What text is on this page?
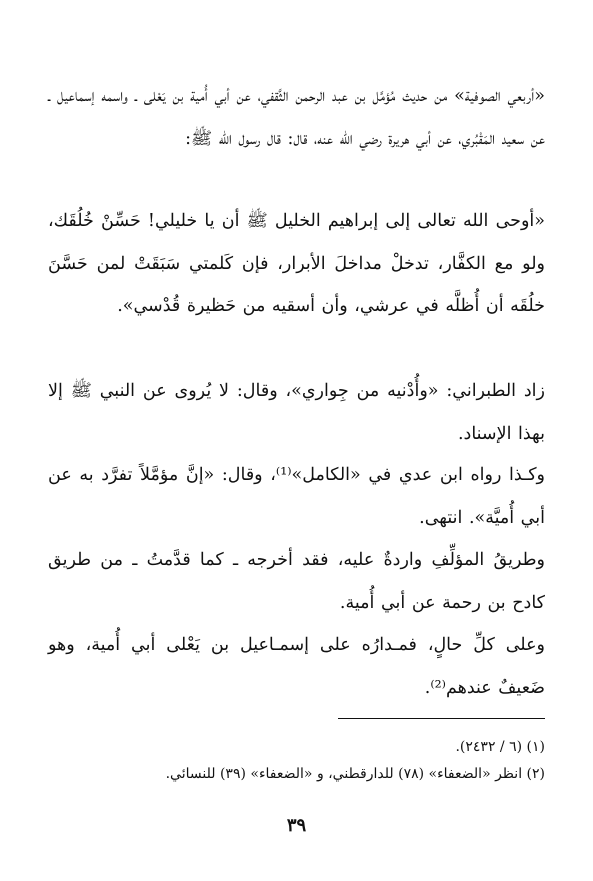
«أربعي الصوفية» من حديث مُؤمَّل بن عبد الرحمن الثَّقفي، عن أبي أُمية بن يَعْلى ـ واسمه إسماعيل ـ عن سعيد المَقْبُري، عن أبي هريرة رضي الله عنه، قال: قال رسول الله ﷺ:

«أوحى الله تعالى إلى إبراهيم الخليل ﷺ أن يا خليلي! حَسِّنْ خُلُقَك، ولو مع الكفَّار، تدخلْ مداخلَ الأبرار، فإن كَلمتي سَبَقَتْ لمن حَسَّنَ خلُقَه أن أُظلَّه في عرشي، وأن أسقيه من حَظيرة قُدْسي».

زاد الطبراني: «وأُدْنيه من جِواري»، وقال: لا يُروى عن النبي ﷺ إلا بهذا الإسناد.

وكـذا رواه ابن عدي في «الكامل»⁽¹⁾، وقال: «إنَّ مؤمَّلاً تفرَّد به عن أبي أُميَّة». انتهى.

وطريقُ المؤلِّفِ واردةٌ عليه، فقد أخرجه ـ كما قدَّمتُ ـ من طريق كادح بن رحمة عن أبي أُمية.

وعلى كلِّ حالٍ، فمـدارُه على إسمـاعيل بن يَعْلى أبي أُمية، وهو ضَعيفٌ عندهم⁽²⁾.

(١) (٦ / ٢٤٣٢).

(٢) انظر «الضعفاء» (٧٨) للدارقطني، و «الضعفاء» (٣٩) للنسائي.

٣٩
